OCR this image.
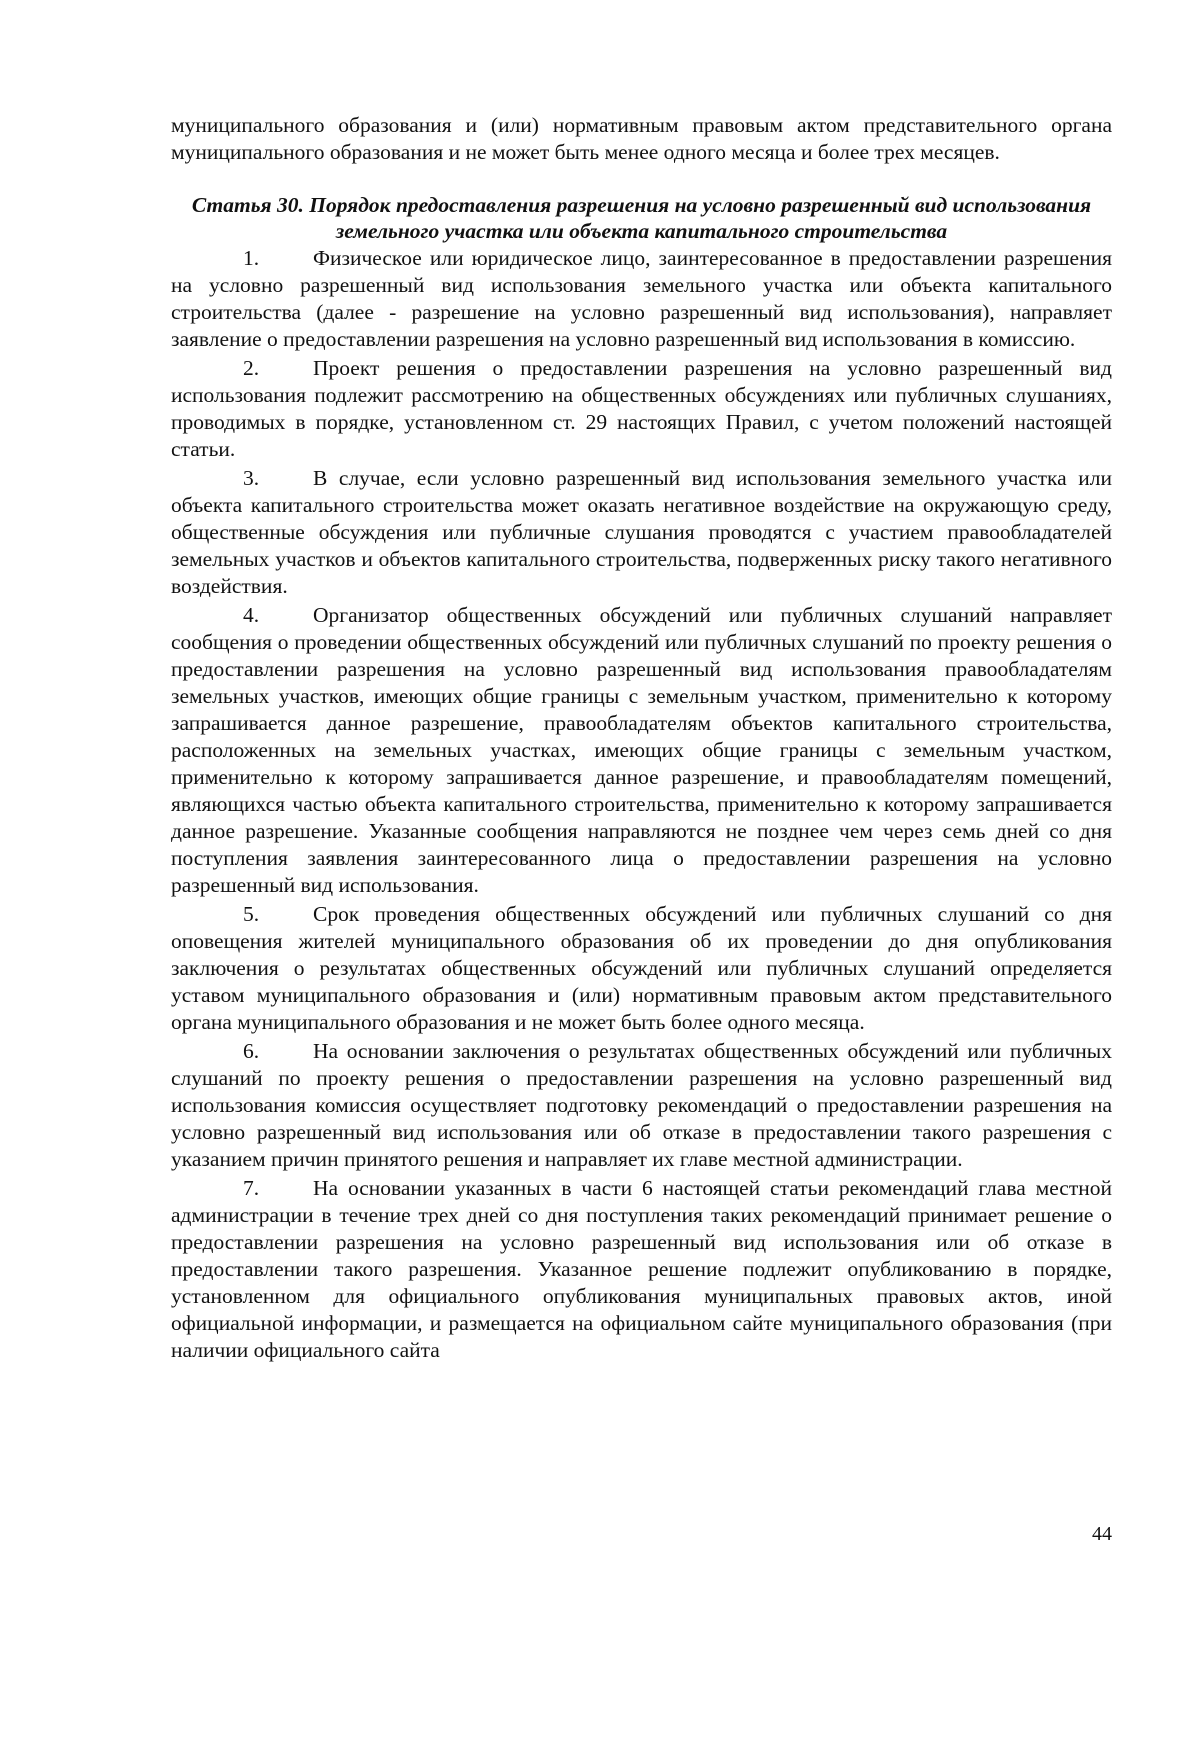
муниципального образования и (или) нормативным правовым актом представительного органа муниципального образования и не может быть менее одного месяца и более трех месяцев.

Статья 30. Порядок предоставления разрешения на условно разрешенный вид использования земельного участка или объекта капитального строительства

1.	Физическое или юридическое лицо, заинтересованное в предоставлении разрешения на условно разрешенный вид использования земельного участка или объекта капитального строительства (далее - разрешение на условно разрешенный вид использования), направляет заявление о предоставлении разрешения на условно разрешенный вид использования в комиссию.

2.	Проект решения о предоставлении разрешения на условно разрешенный вид использования подлежит рассмотрению на общественных обсуждениях или публичных слушаниях, проводимых в порядке, установленном ст. 29 настоящих Правил, с учетом положений настоящей статьи.

3.	В случае, если условно разрешенный вид использования земельного участка или объекта капитального строительства может оказать негативное воздействие на окружающую среду, общественные обсуждения или публичные слушания проводятся с участием правообладателей земельных участков и объектов капитального строительства, подверженных риску такого негативного воздействия.

4.	Организатор общественных обсуждений или публичных слушаний направляет сообщения о проведении общественных обсуждений или публичных слушаний по проекту решения о предоставлении разрешения на условно разрешенный вид использования правообладателям земельных участков, имеющих общие границы с земельным участком, применительно к которому запрашивается данное разрешение, правообладателям объектов капитального строительства, расположенных на земельных участках, имеющих общие границы с земельным участком, применительно к которому запрашивается данное разрешение, и правообладателям помещений, являющихся частью объекта капитального строительства, применительно к которому запрашивается данное разрешение. Указанные сообщения направляются не позднее чем через семь дней со дня поступления заявления заинтересованного лица о предоставлении разрешения на условно разрешенный вид использования.

5.	Срок проведения общественных обсуждений или публичных слушаний со дня оповещения жителей муниципального образования об их проведении до дня опубликования заключения о результатах общественных обсуждений или публичных слушаний определяется уставом муниципального образования и (или) нормативным правовым актом представительного органа муниципального образования и не может быть более одного месяца.

6.	На основании заключения о результатах общественных обсуждений или публичных слушаний по проекту решения о предоставлении разрешения на условно разрешенный вид использования комиссия осуществляет подготовку рекомендаций о предоставлении разрешения на условно разрешенный вид использования или об отказе в предоставлении такого разрешения с указанием причин принятого решения и направляет их главе местной администрации.

7.	На основании указанных в части 6 настоящей статьи рекомендаций глава местной администрации в течение трех дней со дня поступления таких рекомендаций принимает решение о предоставлении разрешения на условно разрешенный вид использования или об отказе в предоставлении такого разрешения. Указанное решение подлежит опубликованию в порядке, установленном для официального опубликования муниципальных правовых актов, иной официальной информации, и размещается на официальном сайте муниципального образования (при наличии официального сайта

44
